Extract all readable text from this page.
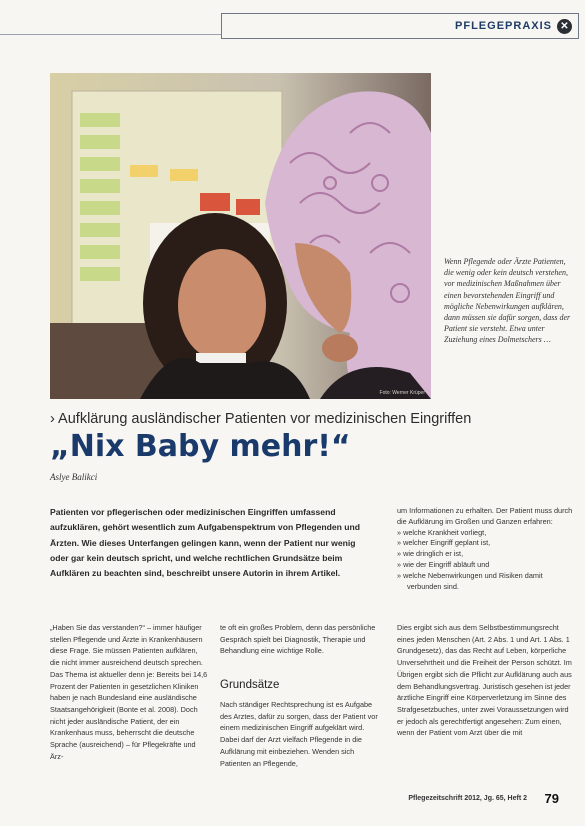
PFLEGEPRAXIS ✕
Foto: Werner Krüper
Wenn Pflegende oder Ärzte Patienten, die wenig oder kein deutsch verstehen, vor medizinischen Maßnahmen über einen bevorstehenden Eingriff und mögliche Nebenwirkungen aufklären, dann müssen sie dafür sorgen, dass der Patient sie versteht. Etwa unter Zuziehung eines Dolmetschers …
› Aufklärung ausländischer Patienten vor medizinischen Eingriffen
„Nix Baby mehr!“
Aslye Balikci
Patienten vor pflegerischen oder medizinischen Eingriffen umfassend aufzuklären, gehört wesentlich zum Aufgabenspektrum von Pflegenden und Ärzten. Wie dieses Unterfangen gelingen kann, wenn der Patient nur wenig oder gar kein deutsch spricht, und welche rechtlichen Grundsätze beim Aufklären zu beachten sind, beschreibt unsere Autorin in ihrem Artikel.
um Informationen zu erhalten. Der Patient muss durch die Aufklärung im Großen und Ganzen erfahren:
» welche Krankheit vorliegt,
» welcher Eingriff geplant ist,
» wie dringlich er ist,
» wie der Eingriff abläuft und
» welche Nebenwirkungen und Risiken damit verbunden sind.
„Haben Sie das verstanden?“ – immer häufiger stellen Pflegende und Ärzte in Krankenhäusern diese Frage. Sie müssen Patienten aufklären, die nicht immer ausreichend deutsch sprechen. Das Thema ist aktueller denn je: Bereits bei 14,6 Prozent der Patienten in gesetzlichen Kliniken haben je nach Bundesland eine ausländische Staatsangehörigkeit (Bonte et al. 2008). Doch nicht jeder ausländische Patient, der ein Krankenhaus muss, beherrscht die deutsche Sprache (ausreichend) – für Pflegekräfte und Ärz-
te oft ein großes Problem, denn das persönliche Gespräch spielt bei Diagnostik, Therapie und Behandlung eine wichtige Rolle.
Grundsätze
Nach ständiger Rechtsprechung ist es Aufgabe des Arztes, dafür zu sorgen, dass der Patient vor einem medizinischen Eingriff aufgeklärt wird. Dabei darf der Arzt vielfach Pflegende in die Aufklärung mit einbeziehen. Wenden sich Patienten an Pflegende,
Dies ergibt sich aus dem Selbstbestimmungsrecht eines jeden Menschen (Art. 2 Abs. 1 und Art. 1 Abs. 1 Grundgesetz), das das Recht auf Leben, körperliche Unversehrtheit und die Freiheit der Person schützt. Im Übrigen ergibt sich die Pflicht zur Aufklärung auch aus dem Behandlungsvertrag. Juristisch gesehen ist jeder ärztliche Eingriff eine Körperverletzung im Sinne des Strafgesetzbuches, unter zwei Voraussetzungen wird er jedoch als gerechtfertigt angesehen: Zum einen, wenn der Patient vom Arzt über die mit
Pflegezeitschrift 2012, Jg. 65, Heft 2 79
